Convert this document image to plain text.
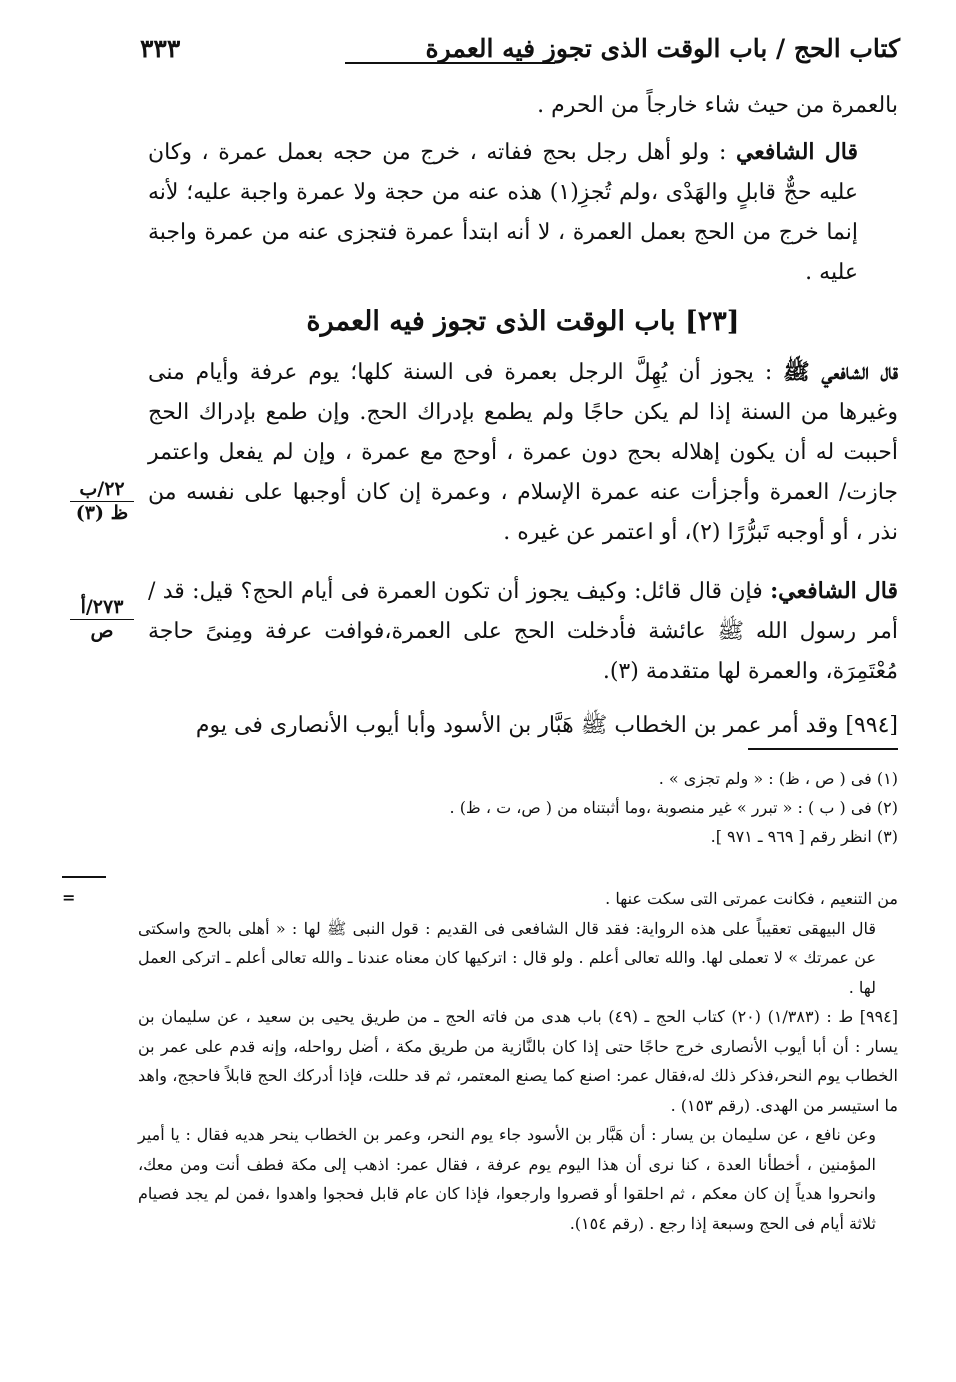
كتاب الحج / باب الوقت الذى تجوز فيه العمرة
٣٣٣

بالعمرة من حيث شاء خارجاً من الحرم .

قال الشافعي : ولو أهل رجل بحج ففاته ، خرج من حجه بعمل عمرة ، وكان عليه حجٌّ قابلٍ والهَدْى ،ولم تُجزِ(١) هذه عنه من حجة ولا عمرة واجبة عليه؛ لأنه إنما خرج من الحج بعمل العمرة ، لا أنه ابتدأ عمرة فتجزى عنه من عمرة واجبة عليه .

[٢٣] باب الوقت الذى تجوز فيه العمرة

قال الشافعي ﷺ : يجوز أن يُهِلَّ الرجل بعمرة فى السنة كلها؛ يوم عرفة وأيام منى وغيرها من السنة إذا لم يكن حاجًا ولم يطمع بإدراك الحج. وإن طمع بإدراك الحج أحببت له أن يكون إهلاله بحج دون عمرة ، أوحج مع عمرة ، وإن لم يفعل واعتمر جازت/ العمرة وأجزأت عنه عمرة الإسلام ، وعمرة إن كان أوجبها على نفسه من نذر ، أو أوجبه تَبرُّرًا (٢)، أو اعتمر عن غيره .

قال الشافعي: فإن قال قائل: وكيف يجوز أن تكون العمرة فى أيام الحج؟ قيل: قد /أمر رسول الله ﷺ عائشة فأدخلت الحج على العمرة،فوافت عرفة ومِنىً حاجة مُعْتَمِرَة، والعمرة لها متقدمة (٣).

[٩٩٤] وقد أمر عمر بن الخطاب ﷺ هَبَّار بن الأسود وأبا أيوب الأنصارى فى يوم

٢٢/ب
ظ (٣)
٢٧٣/أ
ص
(١) فى ( ص ، ظ) : « ولم تجزى » .
(٢) فى ( ب ) : « تبرر » غير منصوبة ،وما أثبتناه من ( ص، ت ، ظ) .
(٣) انظر رقم [ ٩٦٩ ـ ٩٧١ ].
=	من التنعيم ، فكانت عمرتى التى سكت عنها .

قال البيهقى تعقيباً على هذه الرواية: فقد قال الشافعى فى القديم : قول النبى ﷺ لها : « أهلى بالحج واسكتى عن عمرتك » لا تعملى لها. والله تعالى أعلم . ولو قال : اتركيها كان معناه عندنا ـ والله تعالى أعلم ـ اتركى العمل لها .

[٩٩٤] ط : (١/٣٨٣) (٢٠) كتاب الحج ـ (٤٩) باب هدى من فاته الحج ـ من طريق يحيى بن سعيد ، عن سليمان بن يسار : أن أبا أيوب الأنصارى خرج حاجًا حتى إذا كان بالنَّازية من طريق مكة ، أضل رواحله، وإنه قدم على عمر بن الخطاب يوم النحر،فذكر ذلك له،فقال عمر: اصنع كما يصنع المعتمر، ثم قد حللت، فإذا أدركك الحج قابلاً فاحجج، واهد ما استيسر من الهدى. (رقم ١٥٣) .

وعن نافع ، عن سليمان بن يسار : أن هَبَّار بن الأسود جاء يوم النحر، وعمر بن الخطاب ينحر هديه فقال : يا أمير المؤمنين ، أخطأنا العدة ، كنا نرى أن هذا اليوم يوم عرفة ، فقال عمر: اذهب إلى مكة فطف أنت ومن معك، وانحروا هدياً إن كان معكم ، ثم احلقوا أو قصروا وارجعوا، فإذا كان عام قابل فحجوا واهدوا ،فمن لم يجد فصيام ثلاثة أيام فى الحج وسبعة إذا رجع . (رقم ١٥٤).
